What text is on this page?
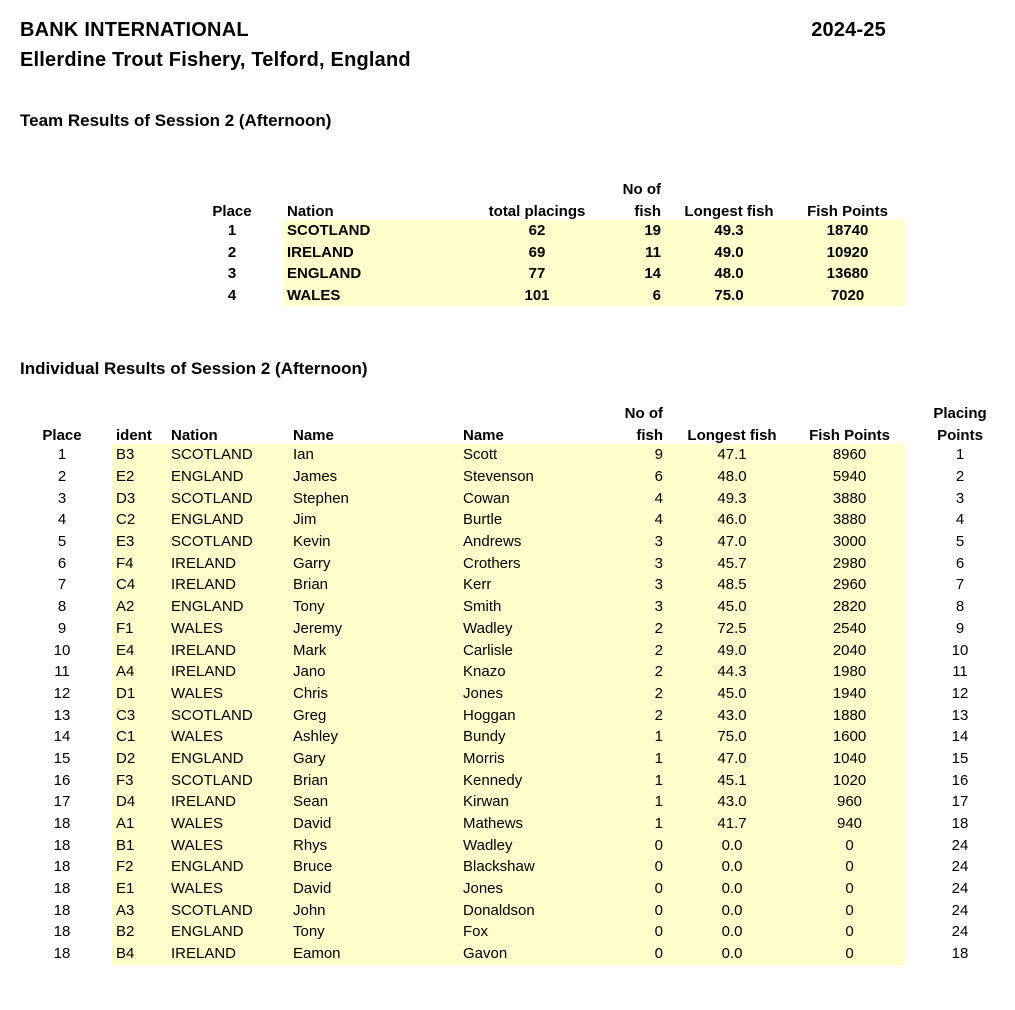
BANK INTERNATIONAL	2024-25
Ellerdine Trout Fishery, Telford, England
Team Results of Session 2 (Afternoon)
			No of		
Place	Nation	total placings	fish	Longest fish	Fish Points
1	SCOTLAND	62	19	49.3	18740
2	IRELAND	69	11	49.0	10920
3	ENGLAND	77	14	48.0	13680
4	WALES	101	6	75.0	7020
Individual Results of Session 2 (Afternoon)
					No of			Placing
Place	ident	Nation	Name	Name	fish	Longest fish	Fish Points	Points
1	B3	SCOTLAND	Ian	Scott	9	47.1	8960	1
2	E2	ENGLAND	James	Stevenson	6	48.0	5940	2
3	D3	SCOTLAND	Stephen	Cowan	4	49.3	3880	3
4	C2	ENGLAND	Jim	Burtle	4	46.0	3880	4
5	E3	SCOTLAND	Kevin	Andrews	3	47.0	3000	5
6	F4	IRELAND	Garry	Crothers	3	45.7	2980	6
7	C4	IRELAND	Brian	Kerr	3	48.5	2960	7
8	A2	ENGLAND	Tony	Smith	3	45.0	2820	8
9	F1	WALES	Jeremy	Wadley	2	72.5	2540	9
10	E4	IRELAND	Mark	Carlisle	2	49.0	2040	10
11	A4	IRELAND	Jano	Knazo	2	44.3	1980	11
12	D1	WALES	Chris	Jones	2	45.0	1940	12
13	C3	SCOTLAND	Greg	Hoggan	2	43.0	1880	13
14	C1	WALES	Ashley	Bundy	1	75.0	1600	14
15	D2	ENGLAND	Gary	Morris	1	47.0	1040	15
16	F3	SCOTLAND	Brian	Kennedy	1	45.1	1020	16
17	D4	IRELAND	Sean	Kirwan	1	43.0	960	17
18	A1	WALES	David	Mathews	1	41.7	940	18
18	B1	WALES	Rhys	Wadley	0	0.0	0	24
18	F2	ENGLAND	Bruce	Blackshaw	0	0.0	0	24
18	E1	WALES	David	Jones	0	0.0	0	24
18	A3	SCOTLAND	John	Donaldson	0	0.0	0	24
18	B2	ENGLAND	Tony	Fox	0	0.0	0	24
18	B4	IRELAND	Eamon	Gavon	0	0.0	0	18
